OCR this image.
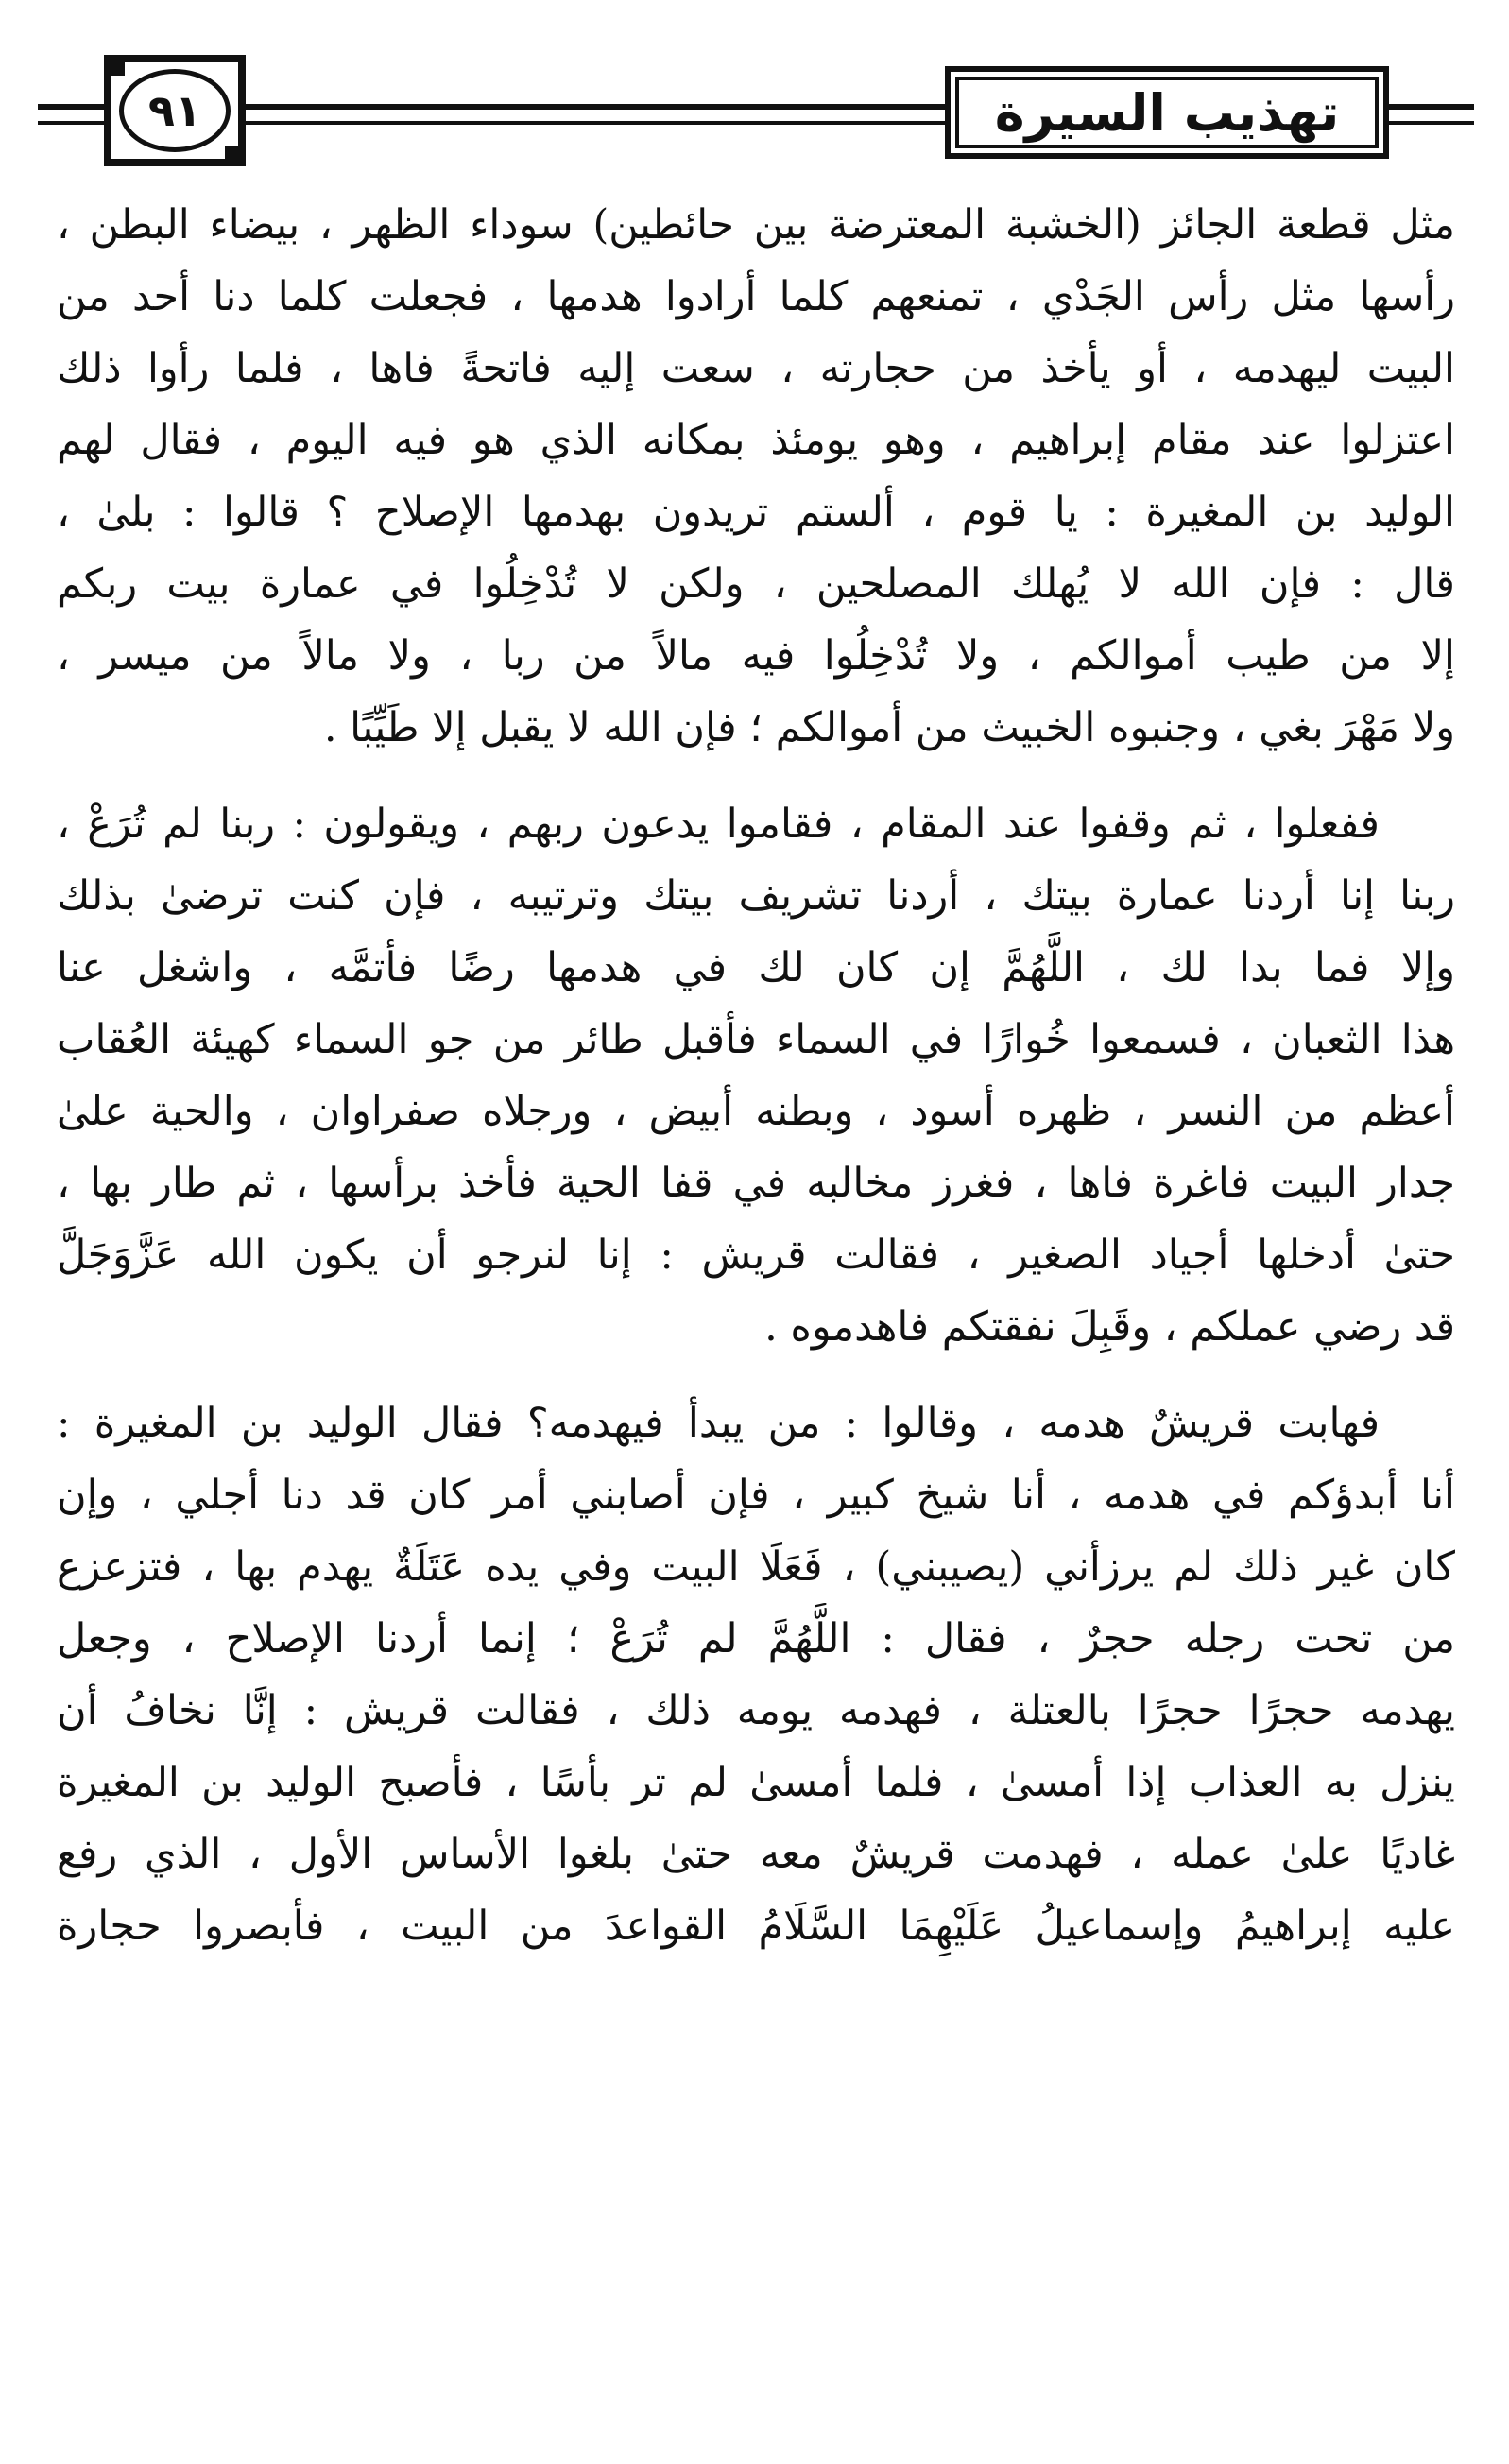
تهذيب السيرة
٩١
مثل قطعة الجائز (الخشبة المعترضة بين حائطين) سوداء الظهر ، بيضاء البطن ،
رأسها مثل رأس الجَدْي ، تمنعهم كلما أرادوا هدمها ، فجعلت كلما دنا أحد من
البيت ليهدمه ، أو يأخذ من حجارته ، سعت إليه فاتحةً فاها ، فلما رأوا ذلك
اعتزلوا عند مقام إبراهيم ، وهو يومئذ بمكانه الذي هو فيه اليوم ، فقال لهم
الوليد بن المغيرة : يا قوم ، ألستم تريدون بهدمها الإصلاح ؟ قالوا : بلىٰ ،
قال : فإن الله لا يُهلك المصلحين ، ولكن لا تُدْخِلُوا في عمارة بيت ربكم
إلا من طيب أموالكم ، ولا تُدْخِلُوا فيه مالاً من ربا ، ولا مالاً من ميسر ،
ولا مَهْرَ بغي ، وجنبوه الخبيث من أموالكم ؛ فإن الله لا يقبل إلا طَيِّبًا .
ففعلوا ، ثم وقفوا عند المقام ، فقاموا يدعون ربهم ، ويقولون : ربنا لم تُرَعْ ،
ربنا إنا أردنا عمارة بيتك ، أردنا تشريف بيتك وترتيبه ، فإن كنت ترضىٰ بذلك
وإلا فما بدا لك ، اللَّهُمَّ إن كان لك في هدمها رضًا فأتمَّه ، واشغل عنا
هذا الثعبان ، فسمعوا خُوارًا في السماء فأقبل طائر من جو السماء كهيئة العُقاب
أعظم من النسر ، ظهره أسود ، وبطنه أبيض ، ورجلاه صفراوان ، والحية علىٰ
جدار البيت فاغرة فاها ، فغرز مخالبه في قفا الحية فأخذ برأسها ، ثم طار بها ،
حتىٰ أدخلها أجياد الصغير ، فقالت قريش : إنا لنرجو أن يكون الله عَزَّوَجَلَّ
قد رضي عملكم ، وقَبِلَ نفقتكم فاهدموه .
فهابت قريشٌ هدمه ، وقالوا : من يبدأ فيهدمه؟ فقال الوليد بن المغيرة :
أنا أبدؤكم في هدمه ، أنا شيخ كبير ، فإن أصابني أمر كان قد دنا أجلي ، وإن
كان غير ذلك لم يرزأني (يصيبني) ، فَعَلَا البيت وفي يده عَتَلَةٌ يهدم بها ، فتزعزع
من تحت رجله حجرٌ ، فقال : اللَّهُمَّ لم تُرَعْ ؛ إنما أردنا الإصلاح ، وجعل
يهدمه حجرًا حجرًا بالعتلة ، فهدمه يومه ذلك ، فقالت قريش : إنَّا نخافُ أن
ينزل به العذاب إذا أمسىٰ ، فلما أمسىٰ لم تر بأسًا ، فأصبح الوليد بن المغيرة
غاديًا علىٰ عمله ، فهدمت قريشٌ معه حتىٰ بلغوا الأساس الأول ، الذي رفع
عليه إبراهيمُ وإسماعيلُ عَلَيْهِمَا السَّلَامُ القواعدَ من البيت ، فأبصروا حجارة
